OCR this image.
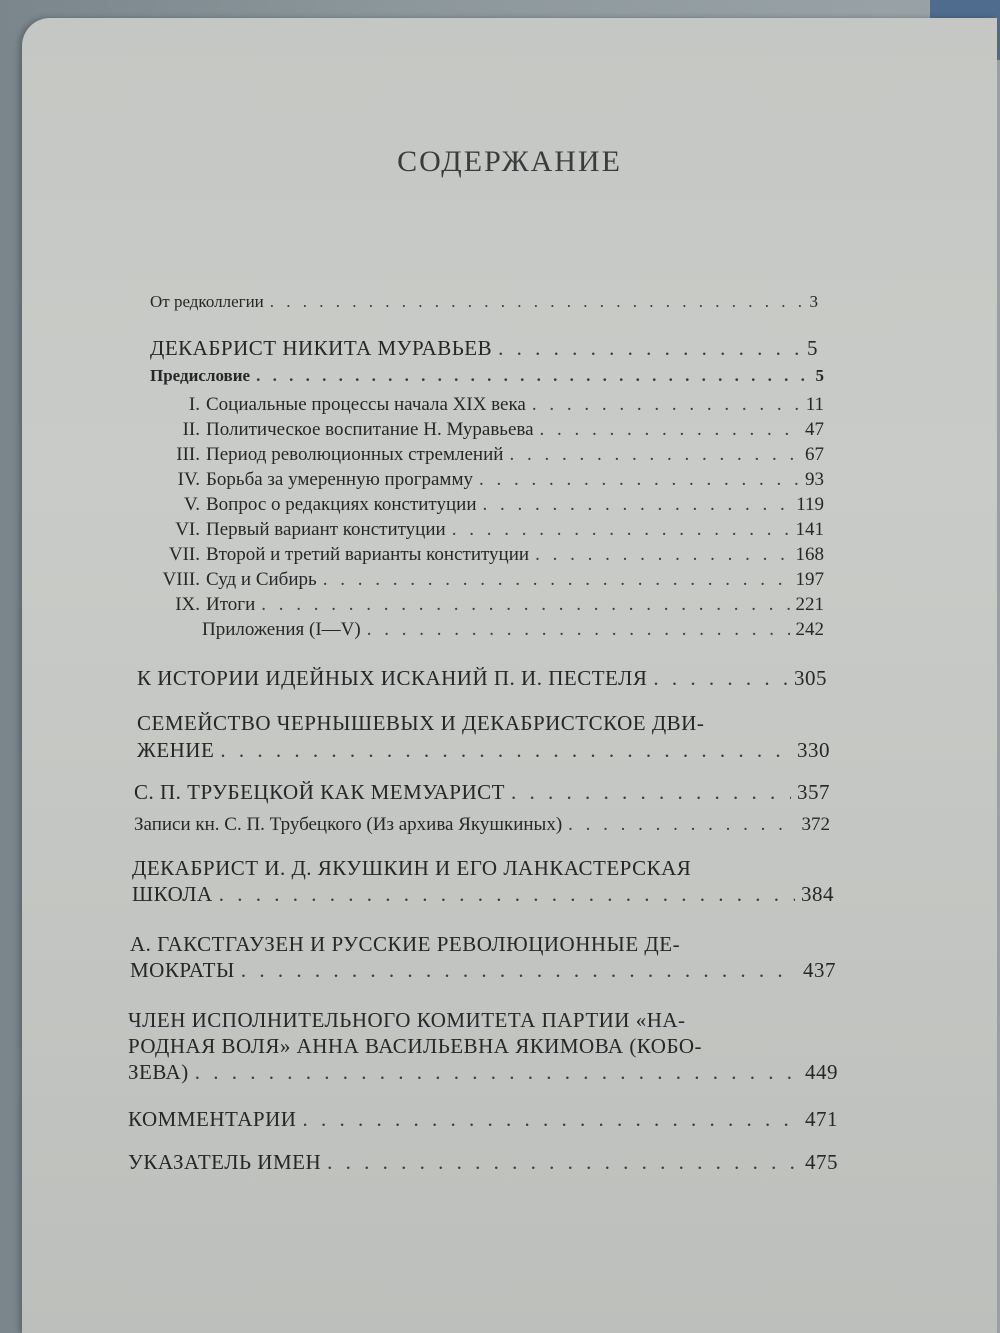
СОДЕРЖАНИЕ
От редколлегии . . .	3
ДЕКАБРИСТ НИКИТА МУРАВЬЕВ . . .	5
Предисловие . . .	5
I. Социальные процессы начала XIX века . . .	11
II. Политическое воспитание Н. Муравьева . . .	47
III. Период революционных стремлений . . .	67
IV. Борьба за умеренную программу . . .	93
V. Вопрос о редакциях конституции . . .	119
VI. Первый вариант конституции . . .	141
VII. Второй и третий варианты конституции . . .	168
VIII. Суд и Сибирь . . .	197
IX. Итоги . . .	221
Приложения (I—V) . . .	242
К ИСТОРИИ ИДЕЙНЫХ ИСКАНИЙ П. И. ПЕСТЕЛЯ . . .	305
СЕМЕЙСТВО ЧЕРНЫШЕВЫХ И ДЕКАБРИСТСКОЕ ДВИ-
ЖЕНИЕ . . .	330
С. П. ТРУБЕЦКОЙ КАК МЕМУАРИСТ . . .	357
Записи кн. С. П. Трубецкого (Из архива Якушкиных) . . .	372
ДЕКАБРИСТ И. Д. ЯКУШКИН И ЕГО ЛАНКАСТЕРСКАЯ
ШКОЛА . . .	384
А. ГАКСТГАУЗЕН И РУССКИЕ РЕВОЛЮЦИОННЫЕ ДЕ-
МОКРАТЫ . . .	437
ЧЛЕН ИСПОЛНИТЕЛЬНОГО КОМИТЕТА ПАРТИИ «НА-
РОДНАЯ ВОЛЯ» АННА ВАСИЛЬЕВНА ЯКИМОВА (КОБО-
ЗЕВА) . . .	449
КОММЕНТАРИИ . . .	471
УКАЗАТЕЛЬ ИМЕН . . .	475
